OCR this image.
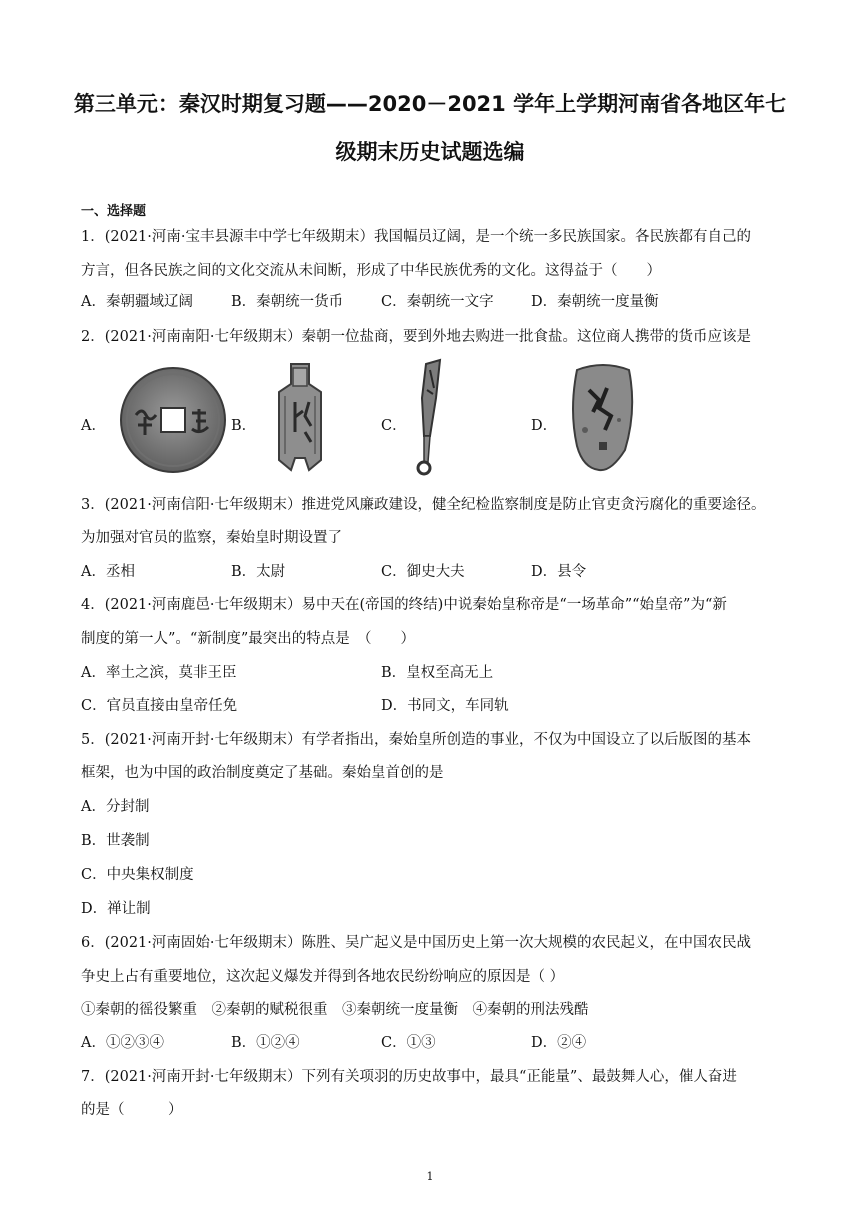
第三单元：秦汉时期复习题——2020－2021 学年上学期河南省各地区年七
级期末历史试题选编
一、选择题
1．(2021·河南·宝丰县源丰中学七年级期末）我国幅员辽阔，是一个统一多民族国家。各民族都有自己的
方言，但各民族之间的文化交流从未间断，形成了中华民族优秀的文化。这得益于（　　）
A．秦朝疆域辽阔	B．秦朝统一货币	C．秦朝统一文字	D．秦朝统一度量衡
2．(2021·河南南阳·七年级期末）秦朝一位盐商，要到外地去购进一批食盐。这位商人携带的货币应该是
A．	B．	C．	D．
3．(2021·河南信阳·七年级期末）推进党风廉政建设，健全纪检监察制度是防止官吏贪污腐化的重要途径。
为加强对官员的监察，秦始皇时期设置了
A．丞相	B．太尉	C．御史大夫	D．县令
4．(2021·河南鹿邑·七年级期末）易中天在(帝国的终结)中说秦始皇称帝是“一场革命”“始皇帝”为“新
制度的第一人”。“新制度”最突出的特点是　（　　）
A．率土之滨，莫非王臣	B．皇权至高无上
C．官员直接由皇帝任免	D．书同文，车同轨
5．(2021·河南开封·七年级期末）有学者指出，秦始皇所创造的事业，不仅为中国设立了以后版图的基本
框架，也为中国的政治制度奠定了基础。秦始皇首创的是
A．分封制
B．世袭制
C．中央集权制度
D．禅让制
6．(2021·河南固始·七年级期末）陈胜、吴广起义是中国历史上第一次大规模的农民起义，在中国农民战
争史上占有重要地位，这次起义爆发并得到各地农民纷纷响应的原因是（ ）
①秦朝的徭役繁重　②秦朝的赋税很重　③秦朝统一度量衡　④秦朝的刑法残酷
A．①②③④	B．①②④	C．①③	D．②④
7．(2021·河南开封·七年级期末）下列有关项羽的历史故事中，最具“正能量”、最鼓舞人心，催人奋进
的是（　　　）
1
